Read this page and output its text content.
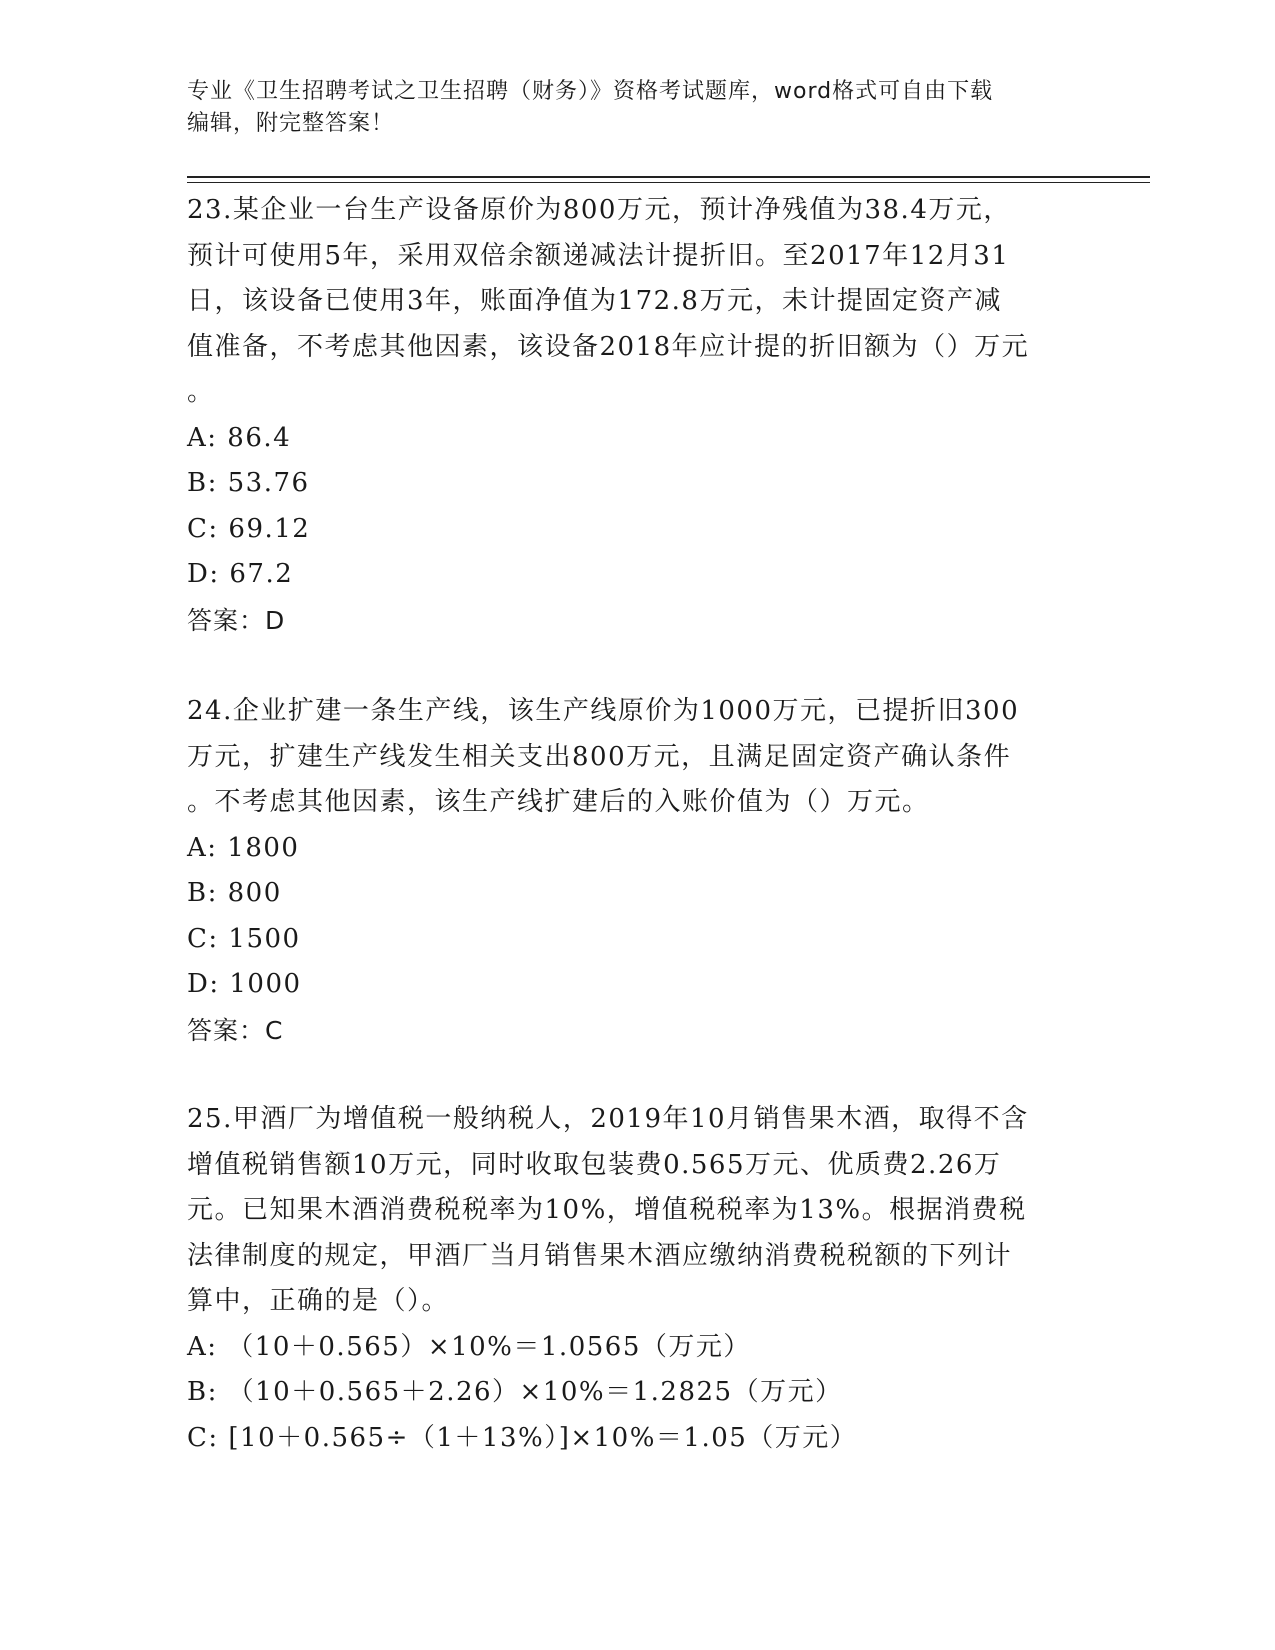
专业《卫生招聘考试之卫生招聘（财务）》资格考试题库，word格式可自由下载
编辑，附完整答案！

23.某企业一台生产设备原价为800万元，预计净残值为38.4万元，

预计可使用5年，采用双倍余额递减法计提折旧。至2017年12月31

日，该设备已使用3年，账面净值为172.8万元，未计提固定资产减

值准备，不考虑其他因素，该设备2018年应计提的折旧额为（）万元

。

A: 86.4

B: 53.76

C: 69.12

D: 67.2

答案：D

24.企业扩建一条生产线，该生产线原价为1000万元，已提折旧300

万元，扩建生产线发生相关支出800万元，且满足固定资产确认条件

。不考虑其他因素，该生产线扩建后的入账价值为（）万元。

A: 1800

B: 800

C: 1500

D: 1000

答案：C

25.甲酒厂为增值税一般纳税人，2019年10月销售果木酒，取得不含

增值税销售额10万元，同时收取包装费0.565万元、优质费2.26万

元。已知果木酒消费税税率为10%，增值税税率为13%。根据消费税

法律制度的规定，甲酒厂当月销售果木酒应缴纳消费税税额的下列计

算中，正确的是（）。

A: （10＋0.565）×10%＝1.0565（万元）

B: （10＋0.565＋2.26）×10%＝1.2825（万元）

C: [10＋0.565÷（1＋13%）]×10%＝1.05（万元）
